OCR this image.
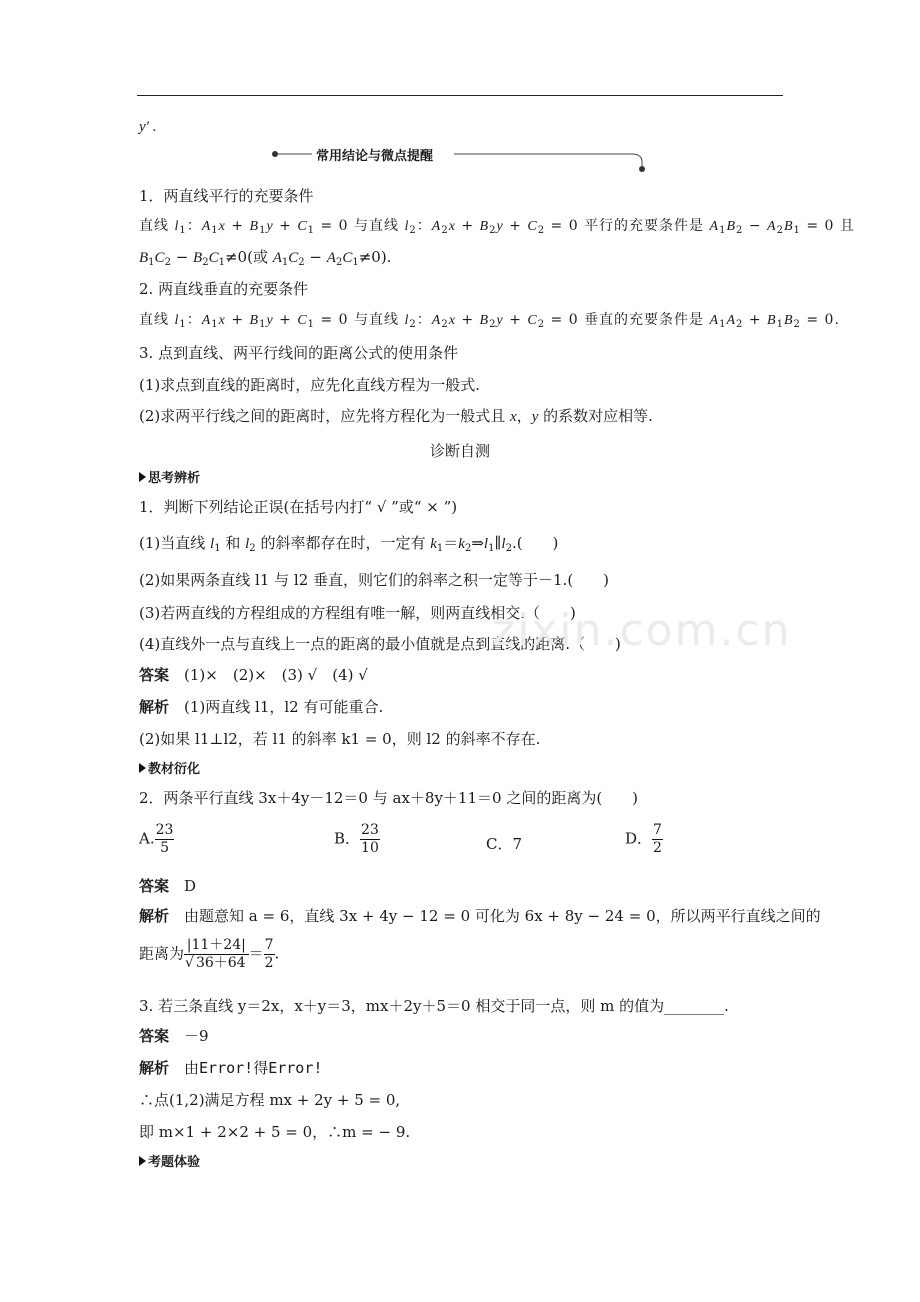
y′ .
常用结论与微点提醒
1．两直线平行的充要条件
直线 $l_1$：$A_1x + B_1y + C_1 = 0$ 与直线 $l_2$：$A_2x + B_2y + C_2 = 0$ 平行的充要条件是 $A_1B_2 - A_2B_1 = 0$ 且
$B_1C_2 - B_2C_1\ne 0$(或 $A_1C_2 - A_2C_1\ne 0$).
2. 两直线垂直的充要条件
直线 $l_1$：$A_1x + B_1y + C_1 = 0$ 与直线 $l_2$：$A_2x + B_2y + C_2 = 0$ 垂直的充要条件是 $A_1A_2 + B_1B_2 = 0$.
3. 点到直线、两平行线间的距离公式的使用条件
(1)求点到直线的距离时，应先化直线方程为一般式.
(2)求两平行线之间的距离时，应先将方程化为一般式且 x，y 的系数对应相等.
诊断自测
思考辨析
1．判断下列结论正误(在括号内打“ √ ”或“ × ”)
(1)当直线 $l_1$ 和 $l_2$ 的斜率都存在时，一定有 $k_1=k_2\Rightarrow l_1\parallel l_2$.(　　)
(2)如果两条直线 l1 与 l2 垂直，则它们的斜率之积一定等于－1.(　　)
(3)若两直线的方程组成的方程组有唯一解，则两直线相交.（　　)
(4)直线外一点与直线上一点的距离的最小值就是点到直线的距离.（　　)
答案　 (1)×　(2)×　(3) √　(4) √
解析　 (1)两直线 l1，l2 有可能重合.
(2)如果 l1⊥l2，若 l1 的斜率 k1 = 0，则 l2 的斜率不存在.
教材衍化
2．两条平行直线 3x＋4y－12＝0 与 ax＋8y＋11＝0 之间的距离为(　　)
A. $\frac{23}{5}$	B． $\frac{23}{10}$	C．7	D． $\frac{7}{2}$
答案　 D
解析　 由题意知 a = 6，直线 3x + 4y − 12 = 0 可化为 6x + 8y − 24 = 0，所以两平行直线之间的
距离为 $\frac{|11+24|}{√ 36+64} = \frac{7}{2}$ .
3. 若三条直线 y＝2x，x＋y＝3，mx＋2y＋5＝0 相交于同一点，则 m 的值为________.
答案　 －9
解析　 由Error!得Error!
∴点(1,2)满足方程 mx + 2y + 5 = 0,
即 m×1 + 2×2 + 5 = 0，∴m = − 9.
考题体验
zixin.com.cn
